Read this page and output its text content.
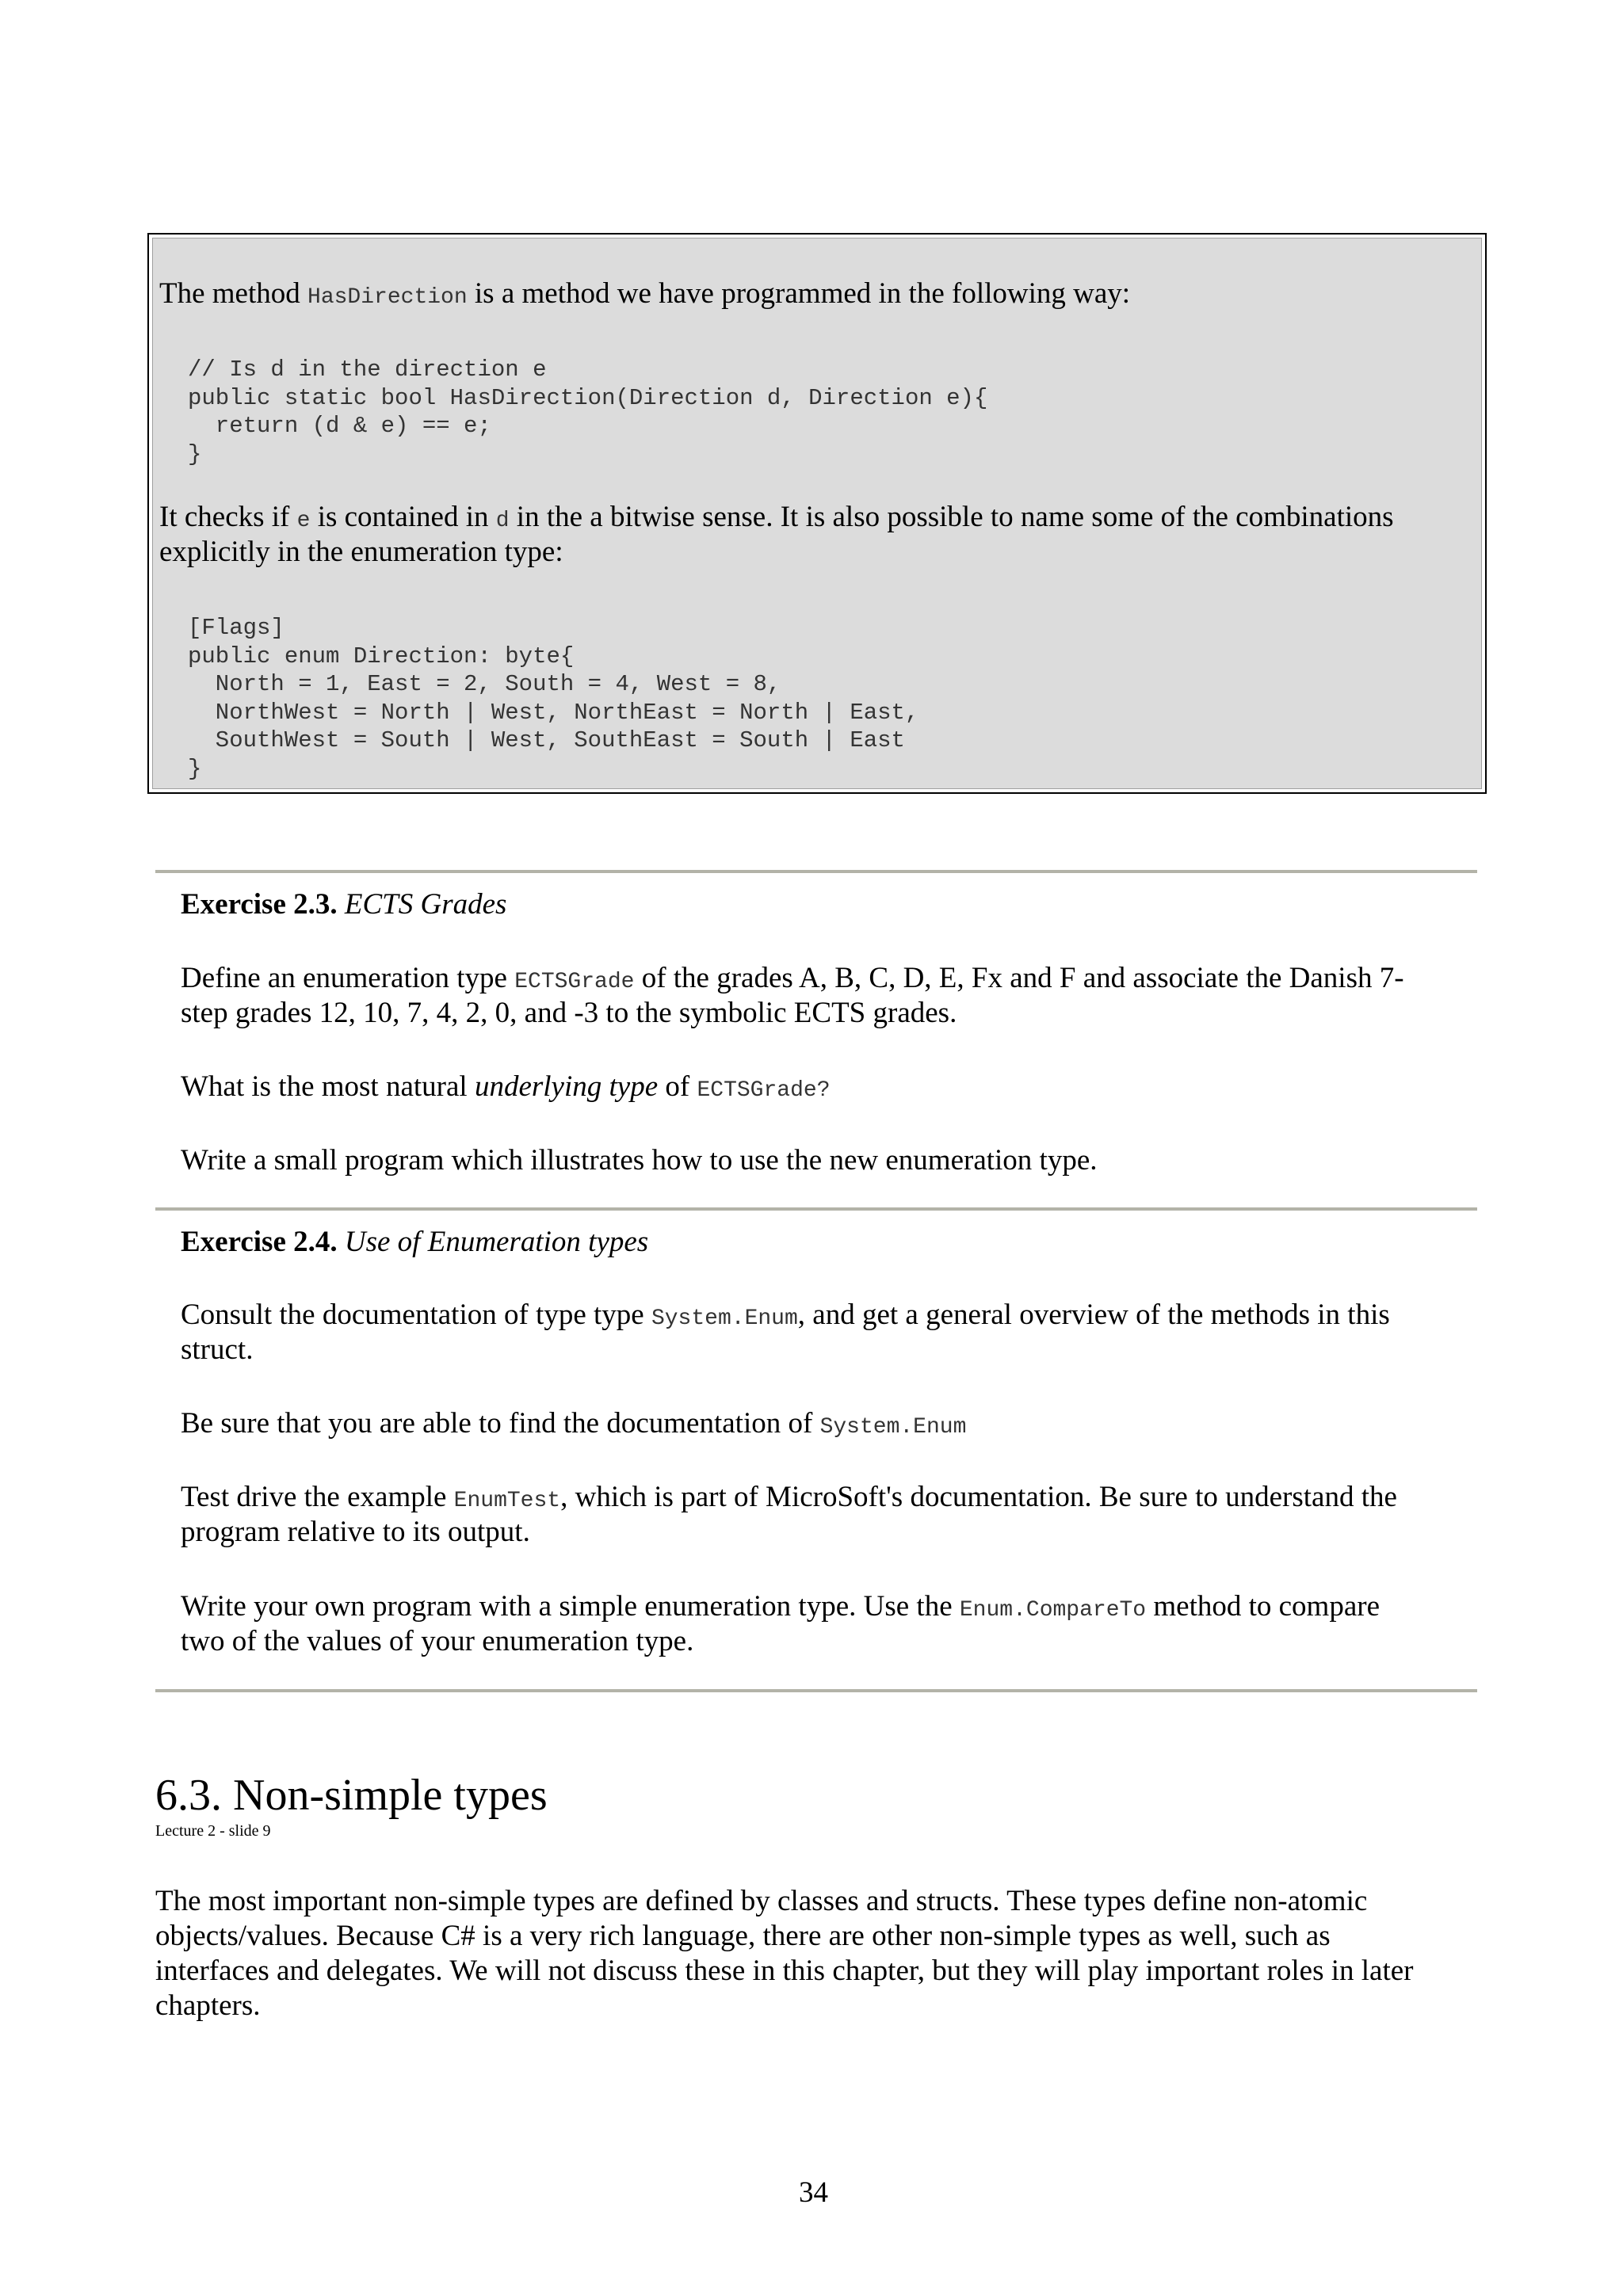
The method HasDirection is a method we have programmed in the following way:
// Is d in the direction e
public static bool HasDirection(Direction d, Direction e){
return (d & e) == e;
}
It checks if e is contained in d in the a bitwise sense. It is also possible to name some of the combinations
explicitly in the enumeration type:
[Flags]
public enum Direction: byte{
North = 1, East = 2, South = 4, West = 8,
NorthWest = North | West, NorthEast = North | East,
SouthWest = South | West, SouthEast = South | East
}
Exercise 2.3. ECTS Grades
Define an enumeration type ECTSGrade of the grades A, B, C, D, E, Fx and F and associate the Danish 7-
step grades 12, 10, 7, 4, 2, 0, and -3 to the symbolic ECTS grades.
What is the most natural underlying type of ECTSGrade?
Write a small program which illustrates how to use the new enumeration type.
Exercise 2.4. Use of Enumeration types
Consult the documentation of type type System.Enum, and get a general overview of the methods in this
struct.
Be sure that you are able to find the documentation of System.Enum
Test drive the example EnumTest, which is part of MicroSoft's documentation. Be sure to understand the
program relative to its output.
Write your own program with a simple enumeration type. Use the Enum.CompareTo method to compare
two of the values of your enumeration type.
6.3. Non-simple types
Lecture 2 - slide 9
The most important non-simple types are defined by classes and structs. These types define non-atomic
objects/values. Because C# is a very rich language, there are other non-simple types as well, such as
interfaces and delegates. We will not discuss these in this chapter, but they will play important roles in later
chapters.
34
